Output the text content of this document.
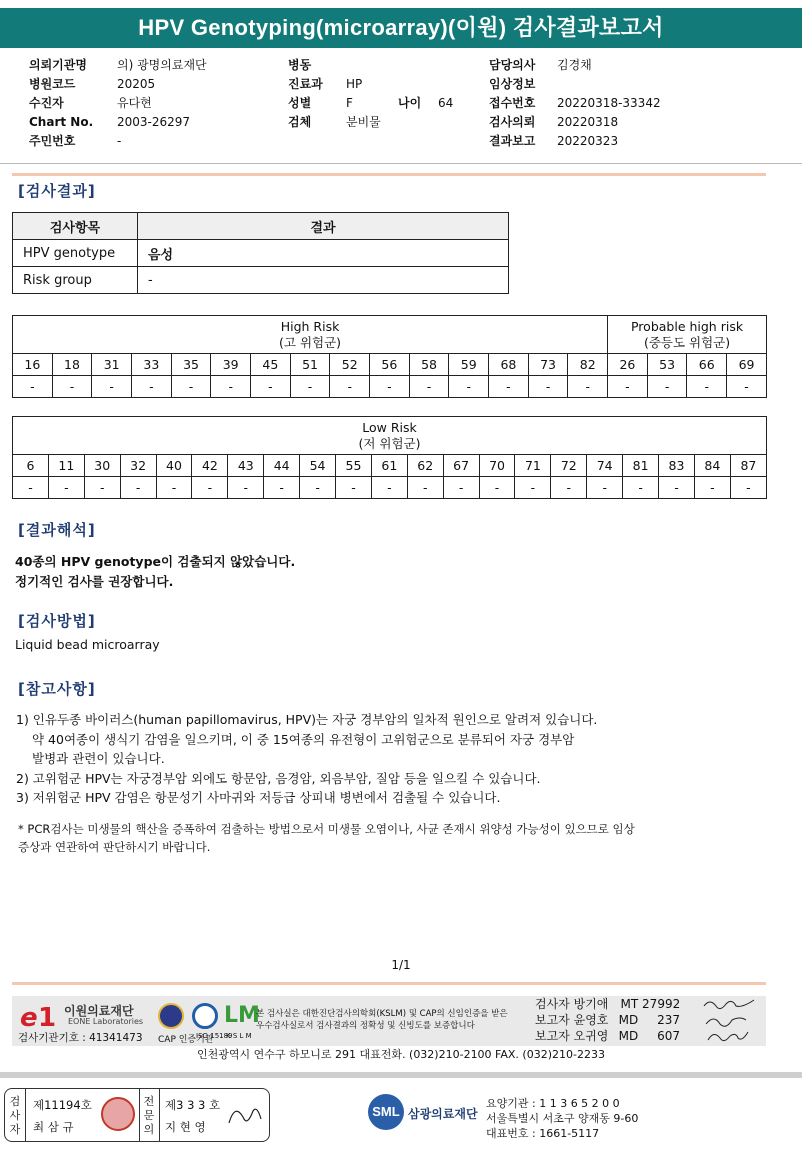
HPV Genotyping(microarray)(이원) 검사결과보고서
의뢰기관명	의) 광명의료재단
병원코드	20205
수진자	유다현
Chart No. 2003-26297
주민번호	-
병동
진료과 HP
성별	F	나이 64
검체	분비물
담당의사 김경채
임상정보
접수번호 20220318-33342
검사의뢰 20220318
결과보고 20220323
[검사결과]
검사항목	결과
HPV genotype	음성
Risk group	-
High Risk
(고 위험군)															Probable high risk
(중등도 위험군)			
16	18	31	33	35	39	45	51	52	56	58	59	68	73	82	26	53	66	69
-	-	-	-	-	-	-	-	-	-	-	-	-	-	-	-	-	-	-
Low Risk
(저 위험군)																				
6	11	30	32	40	42	43	44	54	55	61	62	67	70	71	72	74	81	83	84	87
-	-	-	-	-	-	-	-	-	-	-	-	-	-	-	-	-	-	-	-	-
[결과해석]
40종의 HPV genotype이 검출되지 않았습니다.
정기적인 검사를 권장합니다.
[검사방법]
Liquid bead microarray
[참고사항]
1) 인유두종 바이러스(human papillomavirus, HPV)는 자궁 경부암의 일차적 원인으로 알려져 있습니다.
약 40여종이 생식기 감염을 일으키며, 이 중 15여종의 유전형이 고위험군으로 분류되어 자궁 경부암
발병과 관련이 있습니다.
2) 고위험군 HPV는 자궁경부암 외에도 항문암, 음경암, 외음부암, 질암 등을 일으킬 수 있습니다.
3) 저위험군 HPV 감염은 항문성기 사마귀와 저등급 상피내 병변에서 검출될 수 있습니다.
* PCR검사는 미생물의 핵산을 증폭하여 검출하는 방법으로서 미생물 오염이나, 사균 존재시 위양성 가능성이 있으므로 임상
증상과 연관하여 판단하시기 바랍니다.
1/1
e 1 이원의료재단
EONE Laboratories
검사기관기호 : 41341473
LM
CAP 인증기관
ISO 15189
K S L M
본 검사실은 대한진단검사의학회(KSLM) 및 CAP의 신임인증을 받은
우수검사실로서 검사결과의 정확성 및 신빙도를 보증합니다
검사자 방기애 MT 27992
보고자 윤영호 MD 237
보고자 오귀영 MD 607
인천광역시 연수구 하모니로 291 대표전화. (032)210-2100 FAX. (032)210-2233
검사자
제11194호
최 삼 규
전문의
제3 3 3 호
지 현 영
SML 삼광의료재단
요양기관 : 1 1 3 6 5 2 0 0
서울특별시 서초구 양재동 9-60
대표번호 : 1661-5117
